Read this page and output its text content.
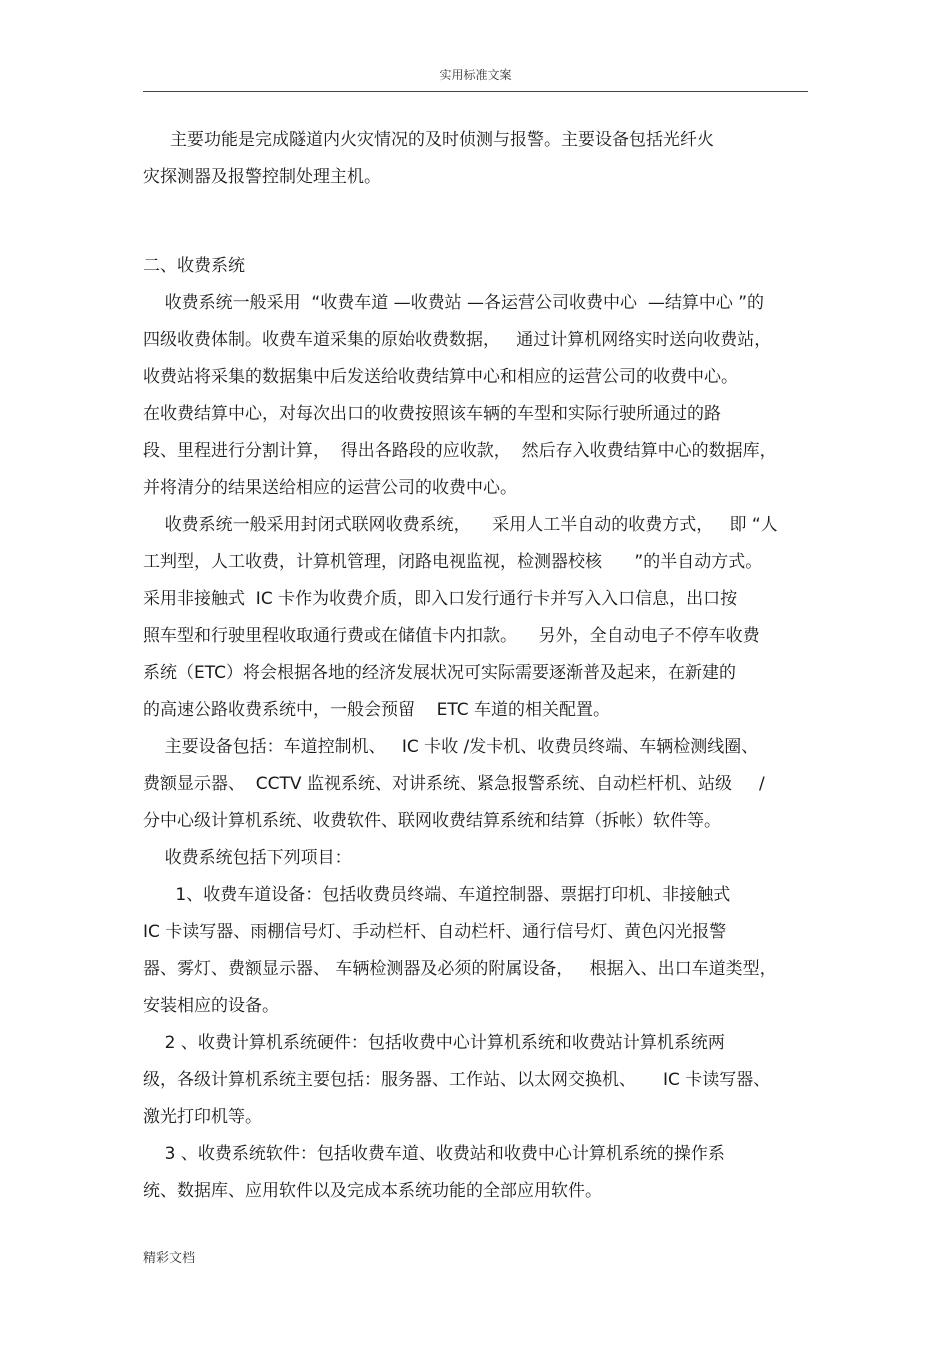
实用标准文案
主要功能是完成隧道内火灾情况的及时侦测与报警。主要设备包括光纤火
灾探测器及报警控制处理主机。
二、收费系统
收费系统一般采用  “收费车道 —收费站 —各运营公司收费中心  —结算中心 ”的
四级收费体制。收费车道采集的原始收费数据，   通过计算机网络实时送向收费站，
收费站将采集的数据集中后发送给收费结算中心和相应的运营公司的收费中心。
在收费结算中心，对每次出口的收费按照该车辆的车型和实际行驶所通过的路
段、里程进行分割计算，  得出各路段的应收款，  然后存入收费结算中心的数据库，
并将清分的结果送给相应的运营公司的收费中心。
收费系统一般采用封闭式联网收费系统，    采用人工半自动的收费方式，   即 “人
工判型，人工收费，计算机管理，闭路电视监视，检测器校核      ”的半自动方式。
采用非接触式  IC 卡作为收费介质，即入口发行通行卡并写入入口信息，出口按
照车型和行驶里程收取通行费或在储值卡内扣款。    另外，全自动电子不停车收费
系统（ETC）将会根据各地的经济发展状况可实际需要逐渐普及起来，在新建的
的高速公路收费系统中，一般会预留    ETC 车道的相关配置。
主要设备包括：车道控制机、   IC 卡收 /发卡机、收费员终端、车辆检测线圈、
费额显示器、  CCTV 监视系统、对讲系统、紧急报警系统、自动栏杆机、站级     /
分中心级计算机系统、收费软件、联网收费结算系统和结算（拆帐）软件等。
收费系统包括下列项目：
1、收费车道设备：包括收费员终端、车道控制器、票据打印机、非接触式
IC 卡读写器、雨棚信号灯、手动栏杆、自动栏杆、通行信号灯、黄色闪光报警
器、雾灯、费额显示器、 车辆检测器及必须的附属设备，   根据入、出口车道类型，
安装相应的设备。
2 、收费计算机系统硬件：包括收费中心计算机系统和收费站计算机系统两
级，各级计算机系统主要包括：服务器、工作站、以太网交换机、     IC 卡读写器、
激光打印机等。
3 、收费系统软件：包括收费车道、收费站和收费中心计算机系统的操作系
统、数据库、应用软件以及完成本系统功能的全部应用软件。
精彩文档
